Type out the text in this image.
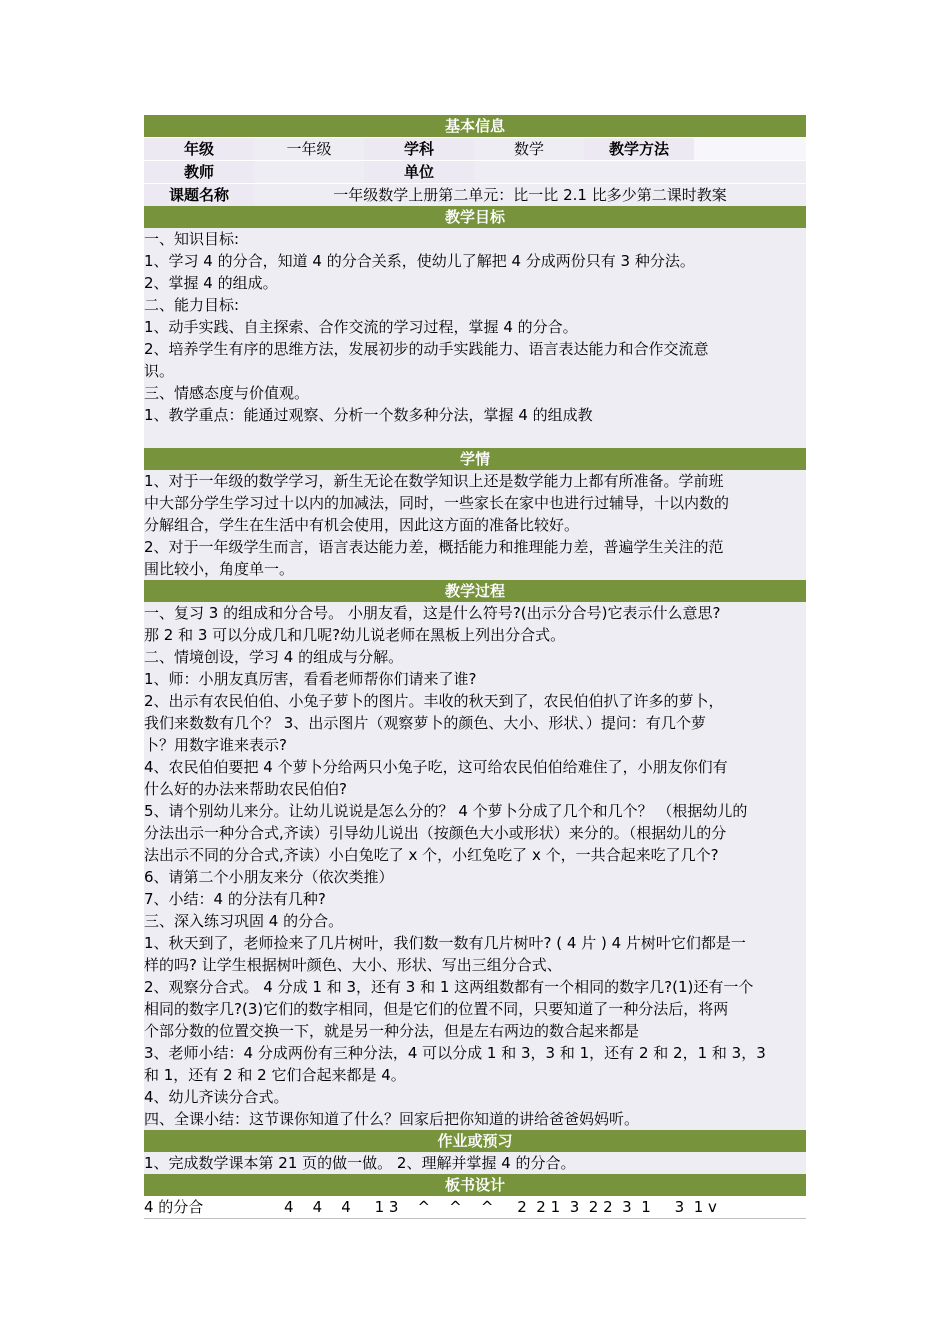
基本信息
年级	一年级	学科	数学	教学方法
教师	单位
课题名称	一年级数学上册第二单元：比一比 2.1 比多少第二课时教案
教学目标

一、知识目标:

1、学习 4 的分合，知道 4 的分合关系，使幼儿了解把 4 分成两份只有 3 种分法。

2、掌握 4 的组成。

二、能力目标:

1、动手实践、自主探索、合作交流的学习过程，掌握 4 的分合。

2、培养学生有序的思维方法，发展初步的动手实践能力、语言表达能力和合作交流意

识。

三、情感态度与价值观。

1、教学重点：能通过观察、分析一个数多种分法，掌握 4 的组成教

学情

1、对于一年级的数学学习，新生无论在数学知识上还是数学能力上都有所准备。学前班

中大部分学生学习过十以内的加减法，同时，一些家长在家中也进行过辅导，十以内数的

分解组合，学生在生活中有机会使用，因此这方面的准备比较好。

2、对于一年级学生而言，语言表达能力差，概括能力和推理能力差，普遍学生关注的范

围比较小，角度单一。

教学过程

一、复习 3 的组成和分合号。 小朋友看，这是什么符号?(出示分合号)它表示什么意思?

那 2 和 3 可以分成几和几呢?幼儿说老师在黑板上列出分合式。

二、情境创设，学习 4 的组成与分解。

1、师：小朋友真厉害，看看老师帮你们请来了谁?

2、出示有农民伯伯、小兔子萝卜的图片。丰收的秋天到了，农民伯伯扒了许多的萝卜，

我们来数数有几个？ 3、出示图片（观察萝卜的颜色、大小、形状、）提问：有几个萝

卜？用数字谁来表示?

4、农民伯伯要把 4 个萝卜分给两只小兔子吃，这可给农民伯伯给难住了，小朋友你们有

什么好的办法来帮助农民伯伯?

5、请个别幼儿来分。让幼儿说说是怎么分的？ 4 个萝卜分成了几个和几个？ （根据幼儿的

分法出示一种分合式,齐读）引导幼儿说出（按颜色大小或形状）来分的。（根据幼儿的分

法出示不同的分合式,齐读）小白兔吃了 x 个，小红兔吃了 x 个，一共合起来吃了几个?

6、请第二个小朋友来分（依次类推）

7、小结：4 的分法有几种?

三、深入练习巩固 4 的分合。

1、秋天到了，老师捡来了几片树叶，我们数一数有几片树叶? ( 4 片 ) 4 片树叶它们都是一

样的吗? 让学生根据树叶颜色、大小、形状、写出三组分合式、

2、观察分合式。 4 分成 1 和 3，还有 3 和 1 这两组数都有一个相同的数字几?(1)还有一个

相同的数字几?(3)它们的数字相同，但是它们的位置不同，只要知道了一种分法后，将两

个部分数的位置交换一下，就是另一种分法，但是左右两边的数合起来都是

3、老师小结：4 分成两份有三种分法，4 可以分成 1 和 3，3 和 1，还有 2 和 2，1 和 3，3

和 1，还有 2 和 2 它们合起来都是 4。

4、幼儿齐读分合式。

四、全课小结：这节课你知道了什么？回家后把你知道的讲给爸爸妈妈听。

作业或预习

1、完成数学课本第 21 页的做一做。 2、理解并掌握 4 的分合。

板书设计
4 的分合	4    4    4     1 3    ^    ^    ^     2  2 1  3  2 2  3  1     3  1 v
